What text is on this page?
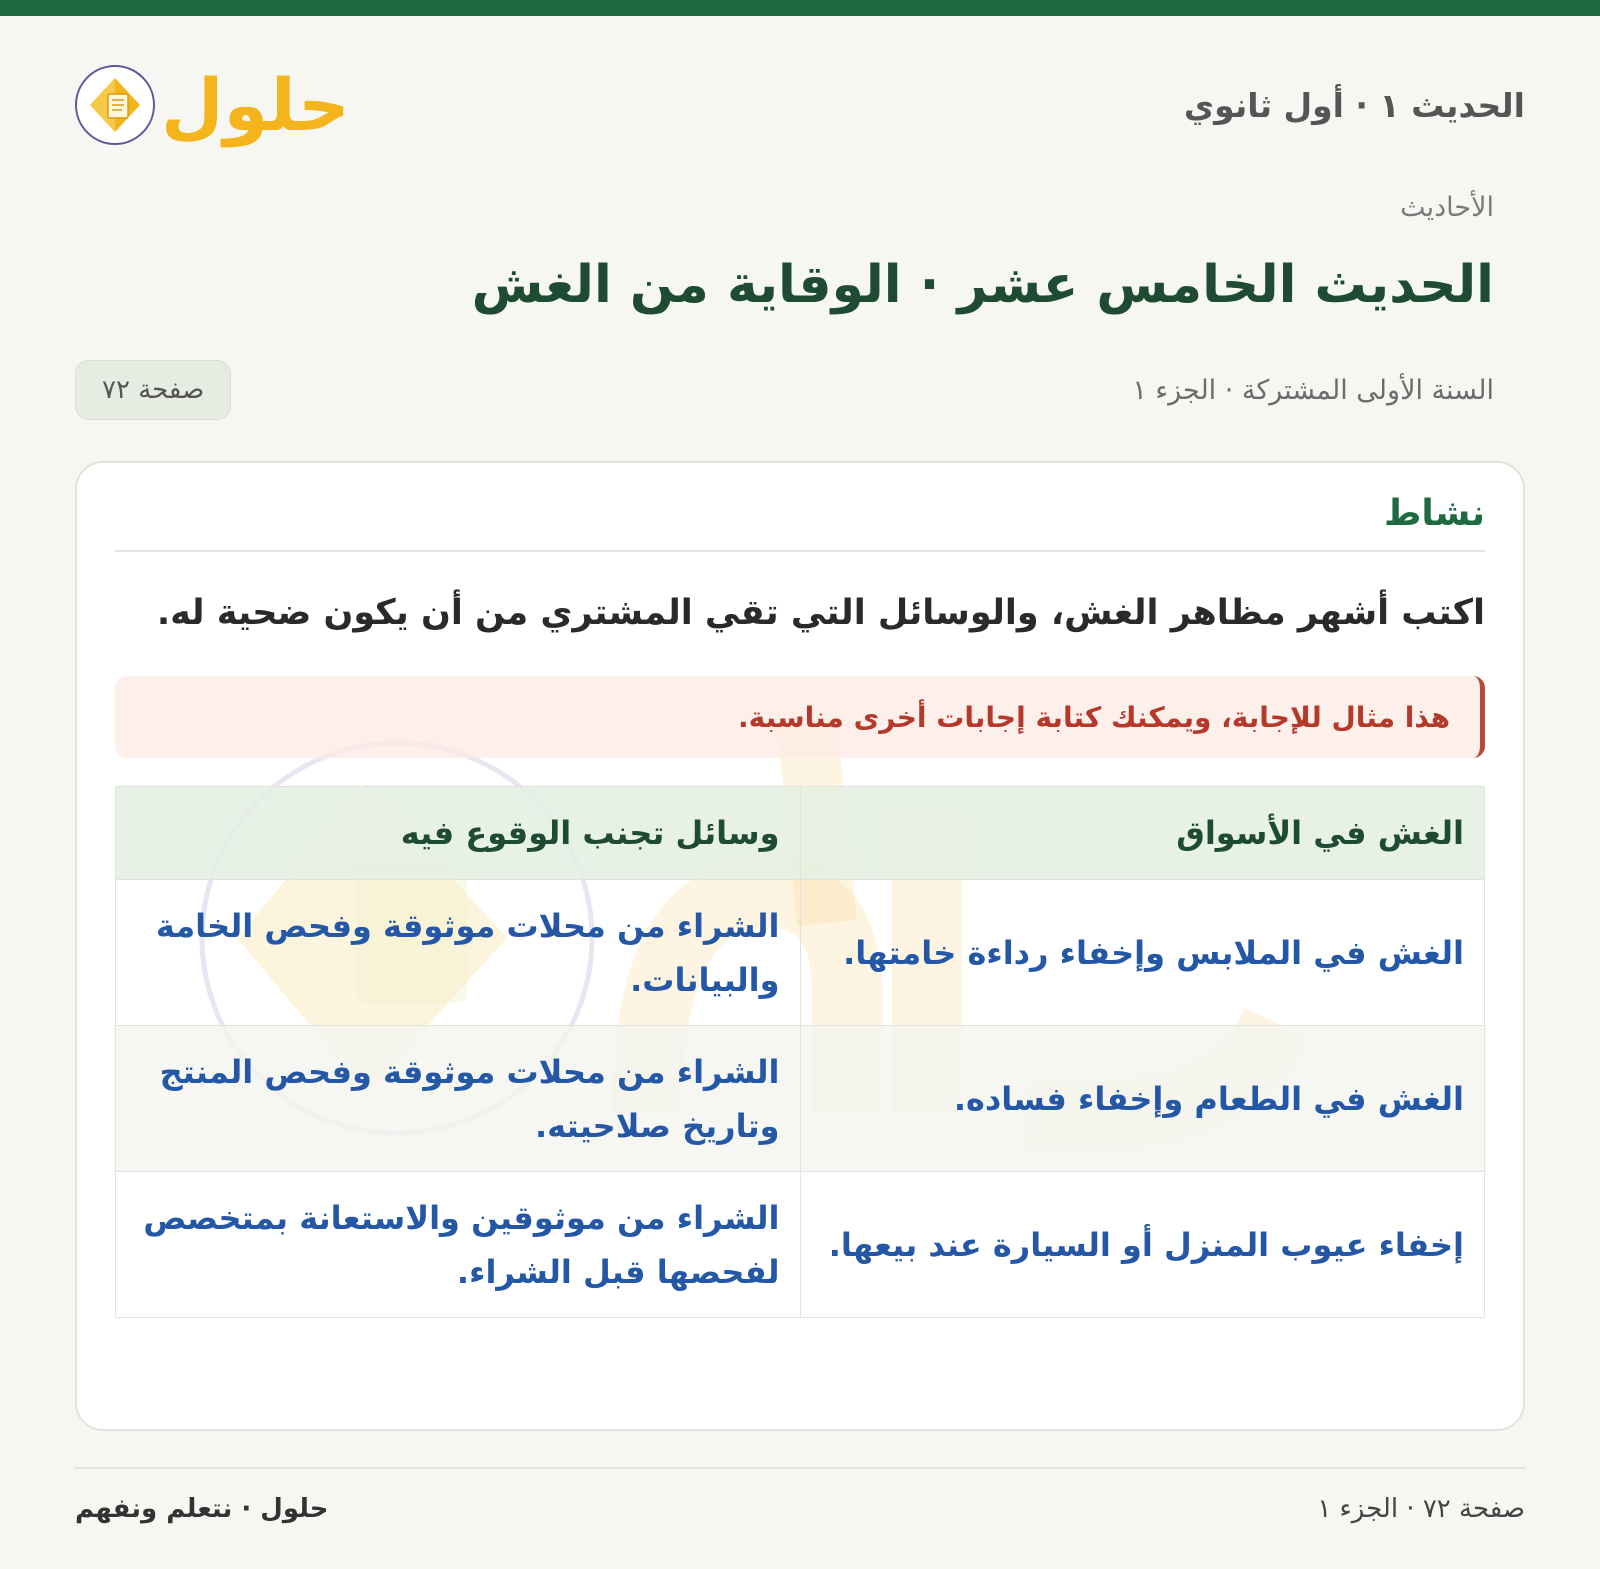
الحديث ١ · أول ثانوي
حلول
الأحاديث
الحديث الخامس عشر · الوقاية من الغش
السنة الأولى المشتركة · الجزء ١
صفحة ٧٢
نشاط

اكتب أشهر مظاهر الغش، والوسائل التي تقي المشتري من أن يكون ضحية له.

هذا مثال للإجابة، ويمكنك كتابة إجابات أخرى مناسبة.
الغش في الأسواق	وسائل تجنب الوقوع فيه
الغش في الملابس وإخفاء رداءة خامتها.	الشراء من محلات موثوقة وفحص الخامة والبيانات.
الغش في الطعام وإخفاء فساده.	الشراء من محلات موثوقة وفحص المنتج وتاريخ صلاحيته.
إخفاء عيوب المنزل أو السيارة عند بيعها.	الشراء من موثوقين والاستعانة بمتخصص لفحصها قبل الشراء.
صفحة ٧٢ · الجزء ١
حلول · نتعلم ونفهم
